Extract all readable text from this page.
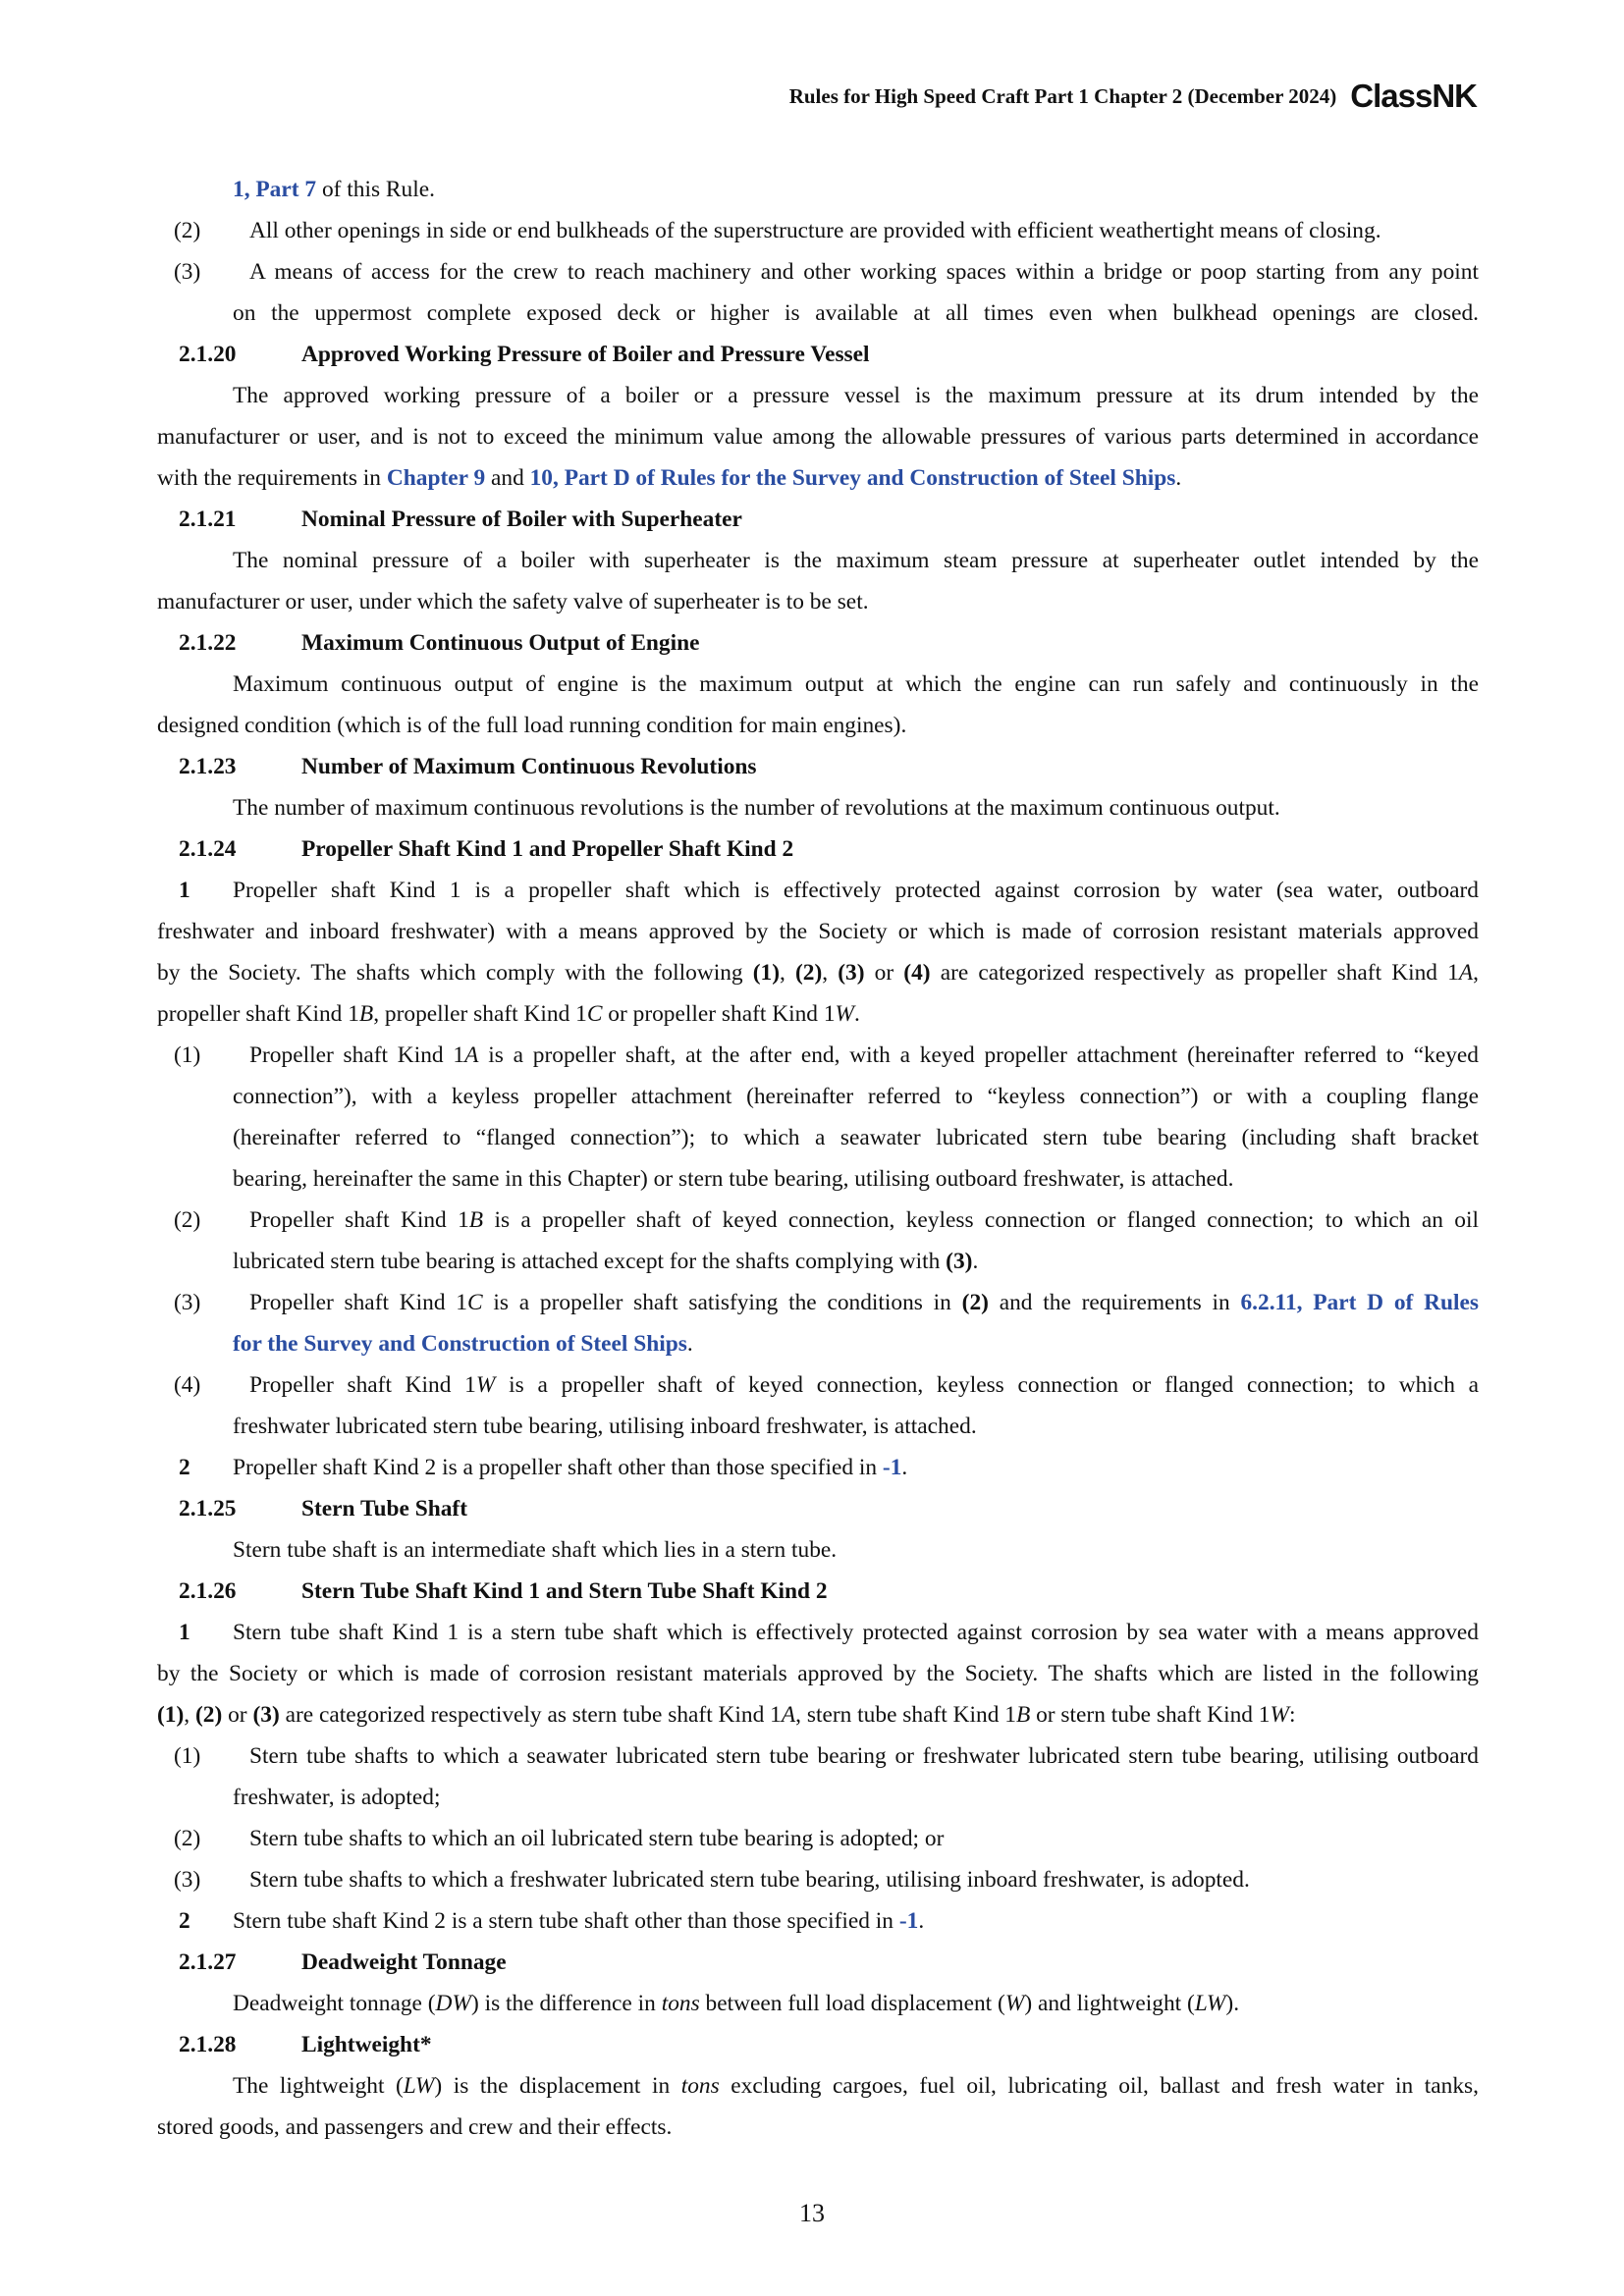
Rules for High Speed Craft Part 1 Chapter 2 (December 2024) ClassNK
1, Part 7 of this Rule.
(2) All other openings in side or end bulkheads of the superstructure are provided with efficient weathertight means of closing.
(3) A means of access for the crew to reach machinery and other working spaces within a bridge or poop starting from any point
on the uppermost complete exposed deck or higher is available at all times even when bulkhead openings are closed.
2.1.20	Approved Working Pressure of Boiler and Pressure Vessel
The approved working pressure of a boiler or a pressure vessel is the maximum pressure at its drum intended by the
manufacturer or user, and is not to exceed the minimum value among the allowable pressures of various parts determined in accordance
with the requirements in Chapter 9 and 10, Part D of Rules for the Survey and Construction of Steel Ships.
2.1.21	Nominal Pressure of Boiler with Superheater
The nominal pressure of a boiler with superheater is the maximum steam pressure at superheater outlet intended by the
manufacturer or user, under which the safety valve of superheater is to be set.
2.1.22	Maximum Continuous Output of Engine
Maximum continuous output of engine is the maximum output at which the engine can run safely and continuously in the
designed condition (which is of the full load running condition for main engines).
2.1.23	Number of Maximum Continuous Revolutions
The number of maximum continuous revolutions is the number of revolutions at the maximum continuous output.
2.1.24	Propeller Shaft Kind 1 and Propeller Shaft Kind 2
1 Propeller shaft Kind 1 is a propeller shaft which is effectively protected against corrosion by water (sea water, outboard
freshwater and inboard freshwater) with a means approved by the Society or which is made of corrosion resistant materials approved
by the Society. The shafts which comply with the following (1), (2), (3) or (4) are categorized respectively as propeller shaft Kind 1A,
propeller shaft Kind 1B, propeller shaft Kind 1C or propeller shaft Kind 1W.
(1) Propeller shaft Kind 1A is a propeller shaft, at the after end, with a keyed propeller attachment (hereinafter referred to “keyed
connection”), with a keyless propeller attachment (hereinafter referred to “keyless connection”) or with a coupling flange
(hereinafter referred to “flanged connection”); to which a seawater lubricated stern tube bearing (including shaft bracket
bearing, hereinafter the same in this Chapter) or stern tube bearing, utilising outboard freshwater, is attached.
(2) Propeller shaft Kind 1B is a propeller shaft of keyed connection, keyless connection or flanged connection; to which an oil
lubricated stern tube bearing is attached except for the shafts complying with (3).
(3) Propeller shaft Kind 1C is a propeller shaft satisfying the conditions in (2) and the requirements in 6.2.11, Part D of Rules
for the Survey and Construction of Steel Ships.
(4) Propeller shaft Kind 1W is a propeller shaft of keyed connection, keyless connection or flanged connection; to which a
freshwater lubricated stern tube bearing, utilising inboard freshwater, is attached.
2 Propeller shaft Kind 2 is a propeller shaft other than those specified in -1.
2.1.25	Stern Tube Shaft
Stern tube shaft is an intermediate shaft which lies in a stern tube.
2.1.26	Stern Tube Shaft Kind 1 and Stern Tube Shaft Kind 2
1 Stern tube shaft Kind 1 is a stern tube shaft which is effectively protected against corrosion by sea water with a means approved
by the Society or which is made of corrosion resistant materials approved by the Society. The shafts which are listed in the following
(1), (2) or (3) are categorized respectively as stern tube shaft Kind 1A, stern tube shaft Kind 1B or stern tube shaft Kind 1W:
(1) Stern tube shafts to which a seawater lubricated stern tube bearing or freshwater lubricated stern tube bearing, utilising outboard
freshwater, is adopted;
(2) Stern tube shafts to which an oil lubricated stern tube bearing is adopted; or
(3) Stern tube shafts to which a freshwater lubricated stern tube bearing, utilising inboard freshwater, is adopted.
2 Stern tube shaft Kind 2 is a stern tube shaft other than those specified in -1.
2.1.27	Deadweight Tonnage
Deadweight tonnage (DW) is the difference in tons between full load displacement (W) and lightweight (LW).
2.1.28	Lightweight*
The lightweight (LW) is the displacement in tons excluding cargoes, fuel oil, lubricating oil, ballast and fresh water in tanks,
stored goods, and passengers and crew and their effects.
13
